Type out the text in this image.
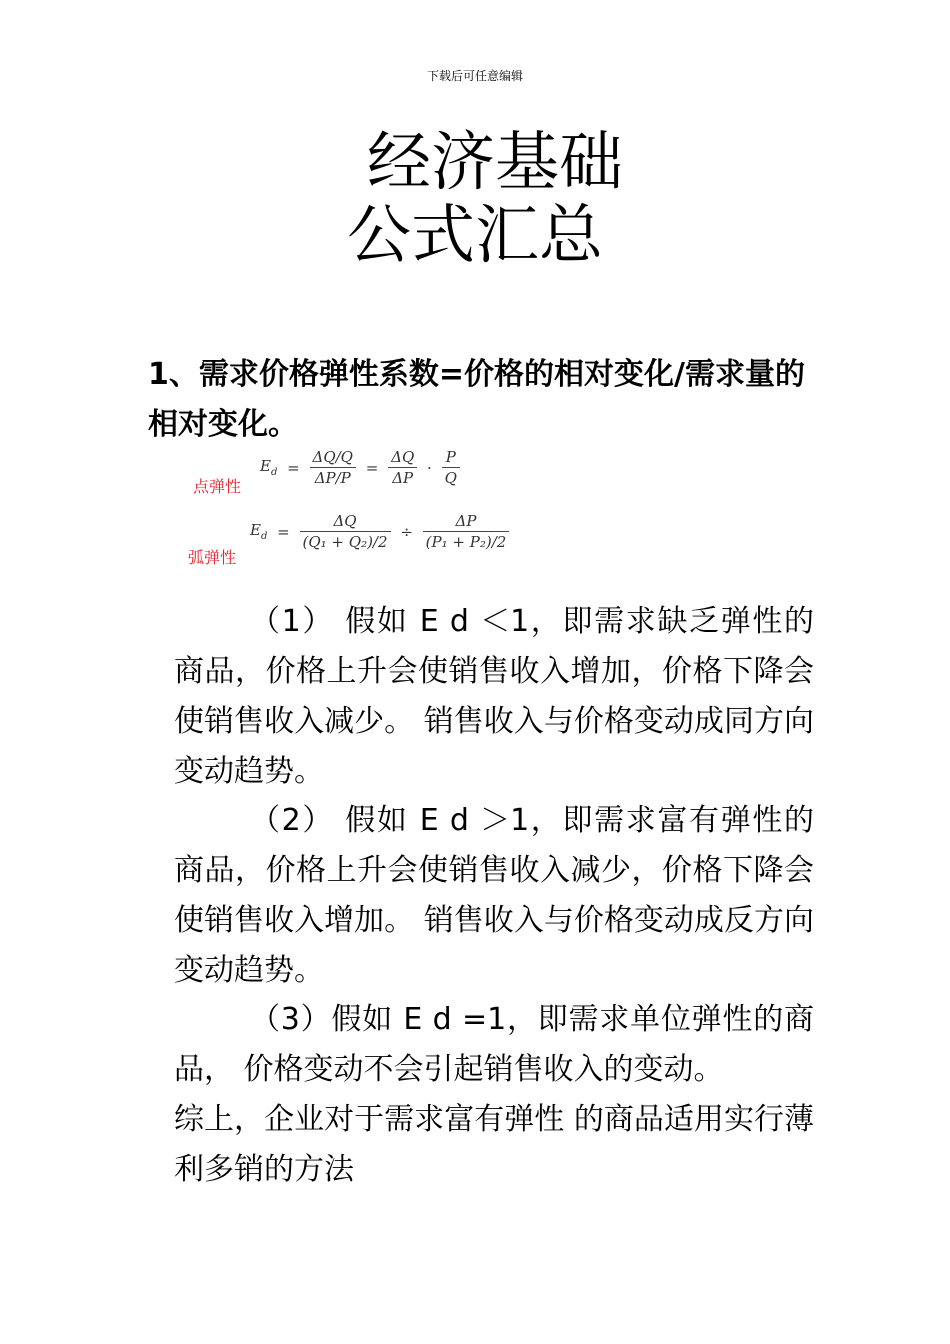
下载后可任意编辑
经济基础
公式汇总

1、需求价格弹性系数=价格的相对变化/需求量的相对变化。

点弹性
弧弹性
$E_d = \frac{\Delta Q/Q}{\Delta P/P} = \frac{\Delta Q}{\Delta P} \cdot \frac{P}{Q}$
$E_d = \frac{\Delta Q}{\text{(Q₁ + Q₂)/2}} \div \frac{\Delta P}{\text{(P₁ + P₂)/2}}$

（1） 假如 E d ＜1，即需求缺乏弹性的商品，价格上升会使销售收入增加，价格下降会使销售收入减少。 销售收入与价格变动成同方向变动趋势。

（2） 假如 E d ＞1，即需求富有弹性的商品，价格上升会使销售收入减少，价格下降会使销售收入增加。 销售收入与价格变动成反方向变动趋势。

（3）假如 E d =1，即需求单位弹性的商品， 价格变动不会引起销售收入的变动。

综上，企业对于需求富有弹性 的商品适用实行薄利多销的方法
